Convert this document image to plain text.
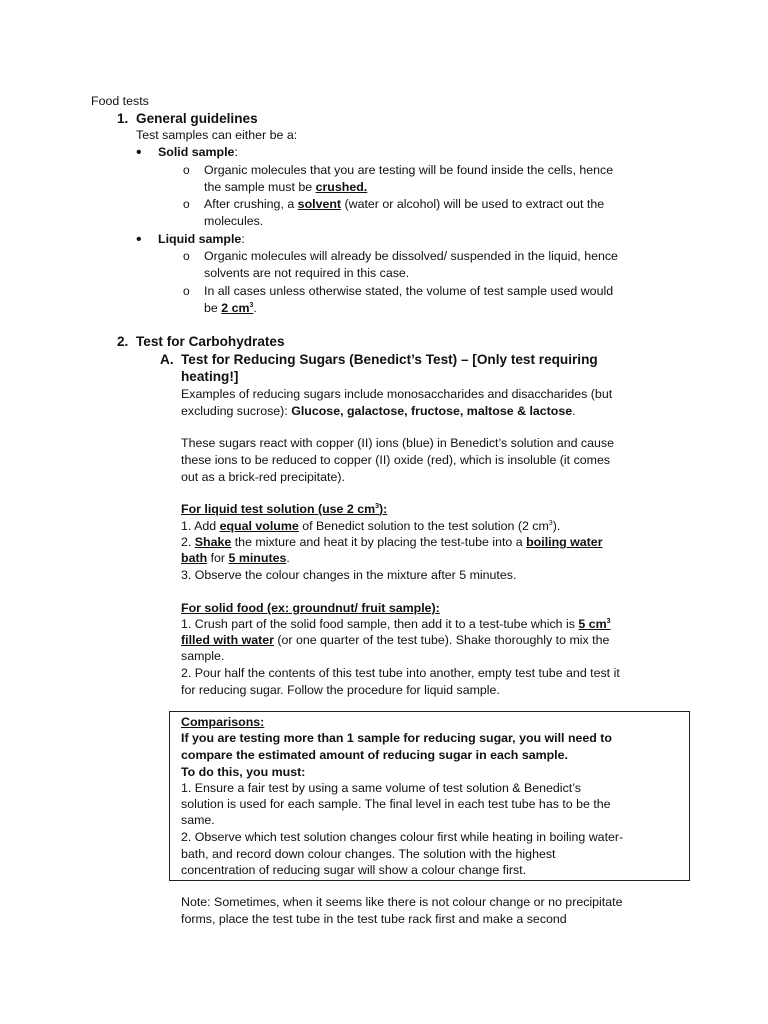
Food tests
1. General guidelines
Test samples can either be a:
• Solid sample:
o Organic molecules that you are testing will be found inside the cells, hence
the sample must be crushed.
o After crushing, a solvent (water or alcohol) will be used to extract out the
molecules.
• Liquid sample:
o Organic molecules will already be dissolved/ suspended in the liquid, hence
solvents are not required in this case.
o In all cases unless otherwise stated, the volume of test sample used would
be 2 $cm^3$.
2. Test for Carbohydrates
A. Test for Reducing Sugars (Benedict’s Test) – [Only test requiring
heating!]
Examples of reducing sugars include monosaccharides and disaccharides (but
excluding sucrose): Glucose, galactose, fructose, maltose & lactose.
These sugars react with copper (II) ions (blue) in Benedict’s solution and cause
these ions to be reduced to copper (II) oxide (red), which is insoluble (it comes
out as a brick-red precipitate).
For liquid test solution (use 2 $cm^3$):
1. Add equal volume of Benedict solution to the test solution (2 $cm^3$).
2. Shake the mixture and heat it by placing the test-tube into a boiling water
bath for 5 minutes.
3. Observe the colour changes in the mixture after 5 minutes.
For solid food (ex: groundnut/ fruit sample):
1. Crush part of the solid food sample, then add it to a test-tube which is 5 $cm^3$
filled with water (or one quarter of the test tube). Shake thoroughly to mix the
sample.
2. Pour half the contents of this test tube into another, empty test tube and test it
for reducing sugar. Follow the procedure for liquid sample.
Comparisons:
If you are testing more than 1 sample for reducing sugar, you will need to
compare the estimated amount of reducing sugar in each sample.
To do this, you must:
1. Ensure a fair test by using a same volume of test solution & Benedict’s
solution is used for each sample. The final level in each test tube has to be the
same.
2. Observe which test solution changes colour first while heating in boiling water-
bath, and record down colour changes. The solution with the highest
concentration of reducing sugar will show a colour change first.
Note: Sometimes, when it seems like there is not colour change or no precipitate
forms, place the test tube in the test tube rack first and make a second
